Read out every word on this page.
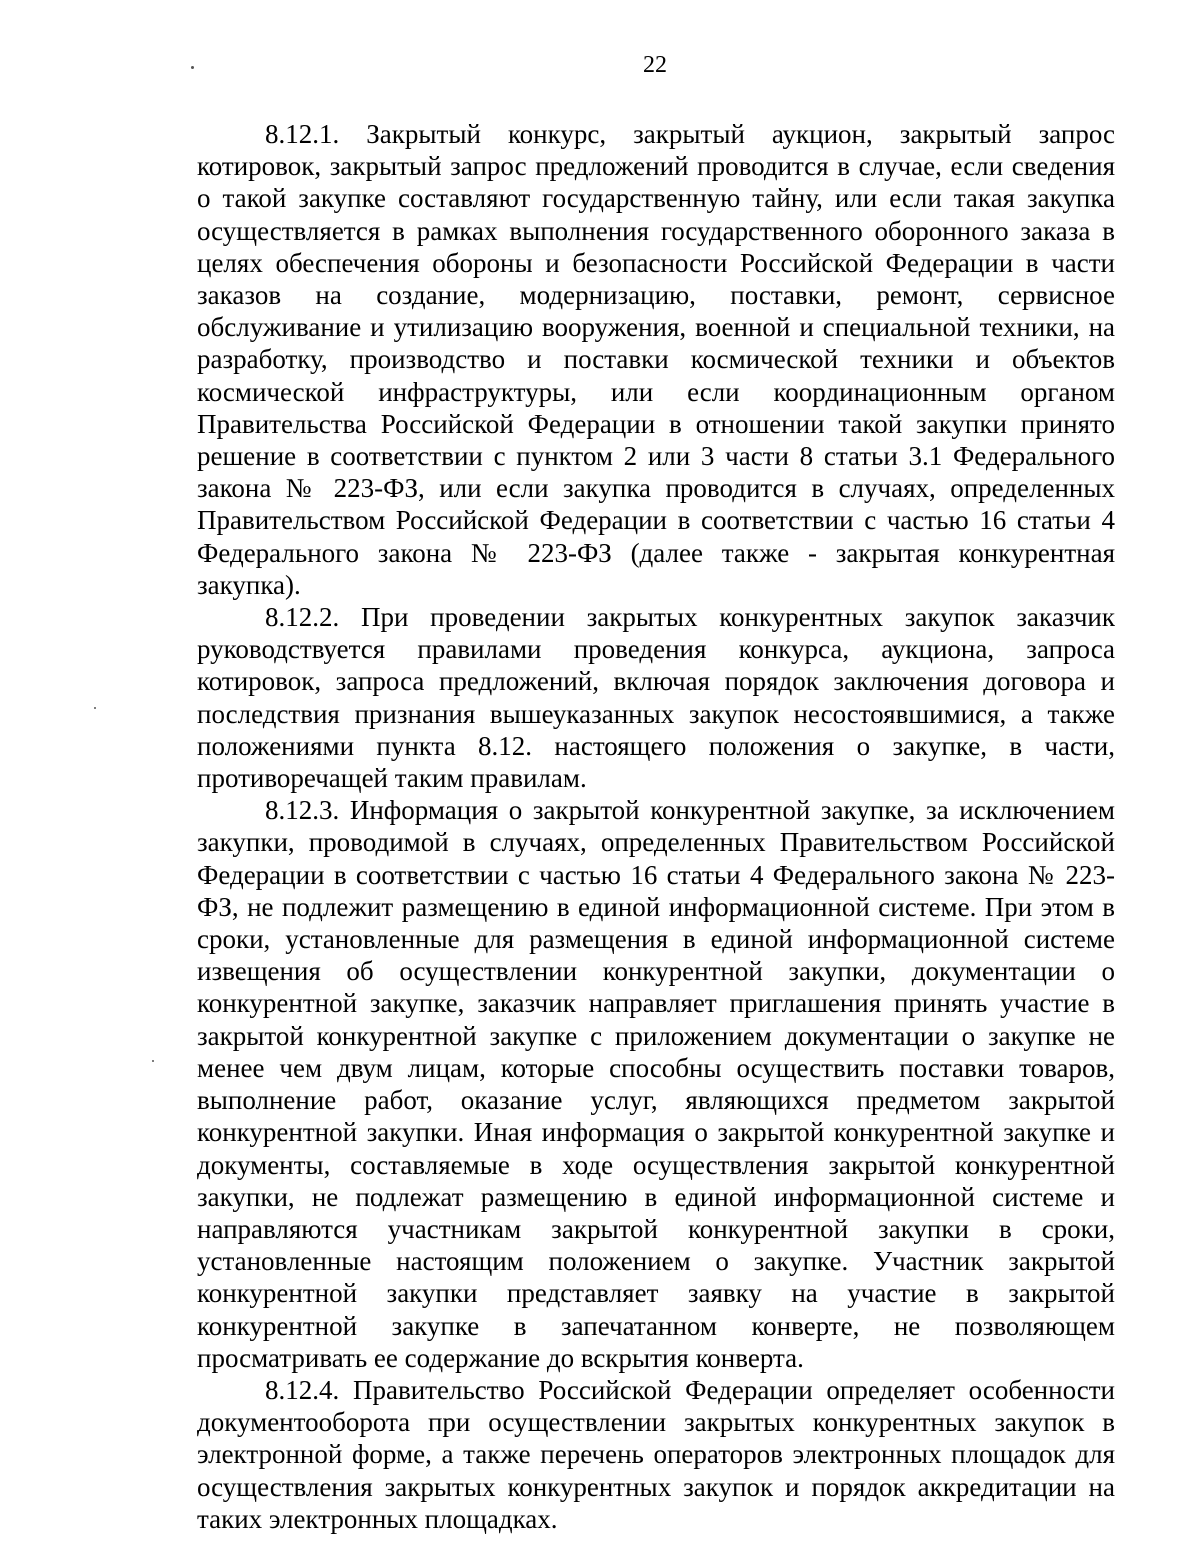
22

8.12.1. Закрытый конкурс, закрытый аукцион, закрытый запрос котировок, закрытый запрос предложений проводится в случае, если сведения о такой закупке составляют государственную тайну, или если такая закупка осуществляется в рамках выполнения государственного оборонного заказа в целях обеспечения обороны и безопасности Российской Федерации в части заказов на создание, модернизацию, поставки, ремонт, сервисное обслуживание и утилизацию вооружения, военной и специальной техники, на разработку, производство и поставки космической техники и объектов космической инфраструктуры, или если координационным органом Правительства Российской Федерации в отношении такой закупки принято решение в соответствии с пунктом 2 или 3 части 8 статьи 3.1 Федерального закона № 223-ФЗ, или если закупка проводится в случаях, определенных Правительством Российской Федерации в соответствии с частью 16 статьи 4 Федерального закона № 223-ФЗ (далее также - закрытая конкурентная закупка).

8.12.2. При проведении закрытых конкурентных закупок заказчик руководствуется правилами проведения конкурса, аукциона, запроса котировок, запроса предложений, включая порядок заключения договора и последствия признания вышеуказанных закупок несостоявшимися, а также положениями пункта 8.12. настоящего положения о закупке, в части, противоречащей таким правилам.

8.12.3. Информация о закрытой конкурентной закупке, за исключением закупки, проводимой в случаях, определенных Правительством Российской Федерации в соответствии с частью 16 статьи 4 Федерального закона № 223-ФЗ, не подлежит размещению в единой информационной системе. При этом в сроки, установленные для размещения в единой информационной системе извещения об осуществлении конкурентной закупки, документации о конкурентной закупке, заказчик направляет приглашения принять участие в закрытой конкурентной закупке с приложением документации о закупке не менее чем двум лицам, которые способны осуществить поставки товаров, выполнение работ, оказание услуг, являющихся предметом закрытой конкурентной закупки. Иная информация о закрытой конкурентной закупке и документы, составляемые в ходе осуществления закрытой конкурентной закупки, не подлежат размещению в единой информационной системе и направляются участникам закрытой конкурентной закупки в сроки, установленные настоящим положением о закупке. Участник закрытой конкурентной закупки представляет заявку на участие в закрытой конкурентной закупке в запечатанном конверте, не позволяющем просматривать ее содержание до вскрытия конверта.

8.12.4. Правительство Российской Федерации определяет особенности документооборота при осуществлении закрытых конкурентных закупок в электронной форме, а также перечень операторов электронных площадок для осуществления закрытых конкурентных закупок и порядок аккредитации на таких электронных площадках.
